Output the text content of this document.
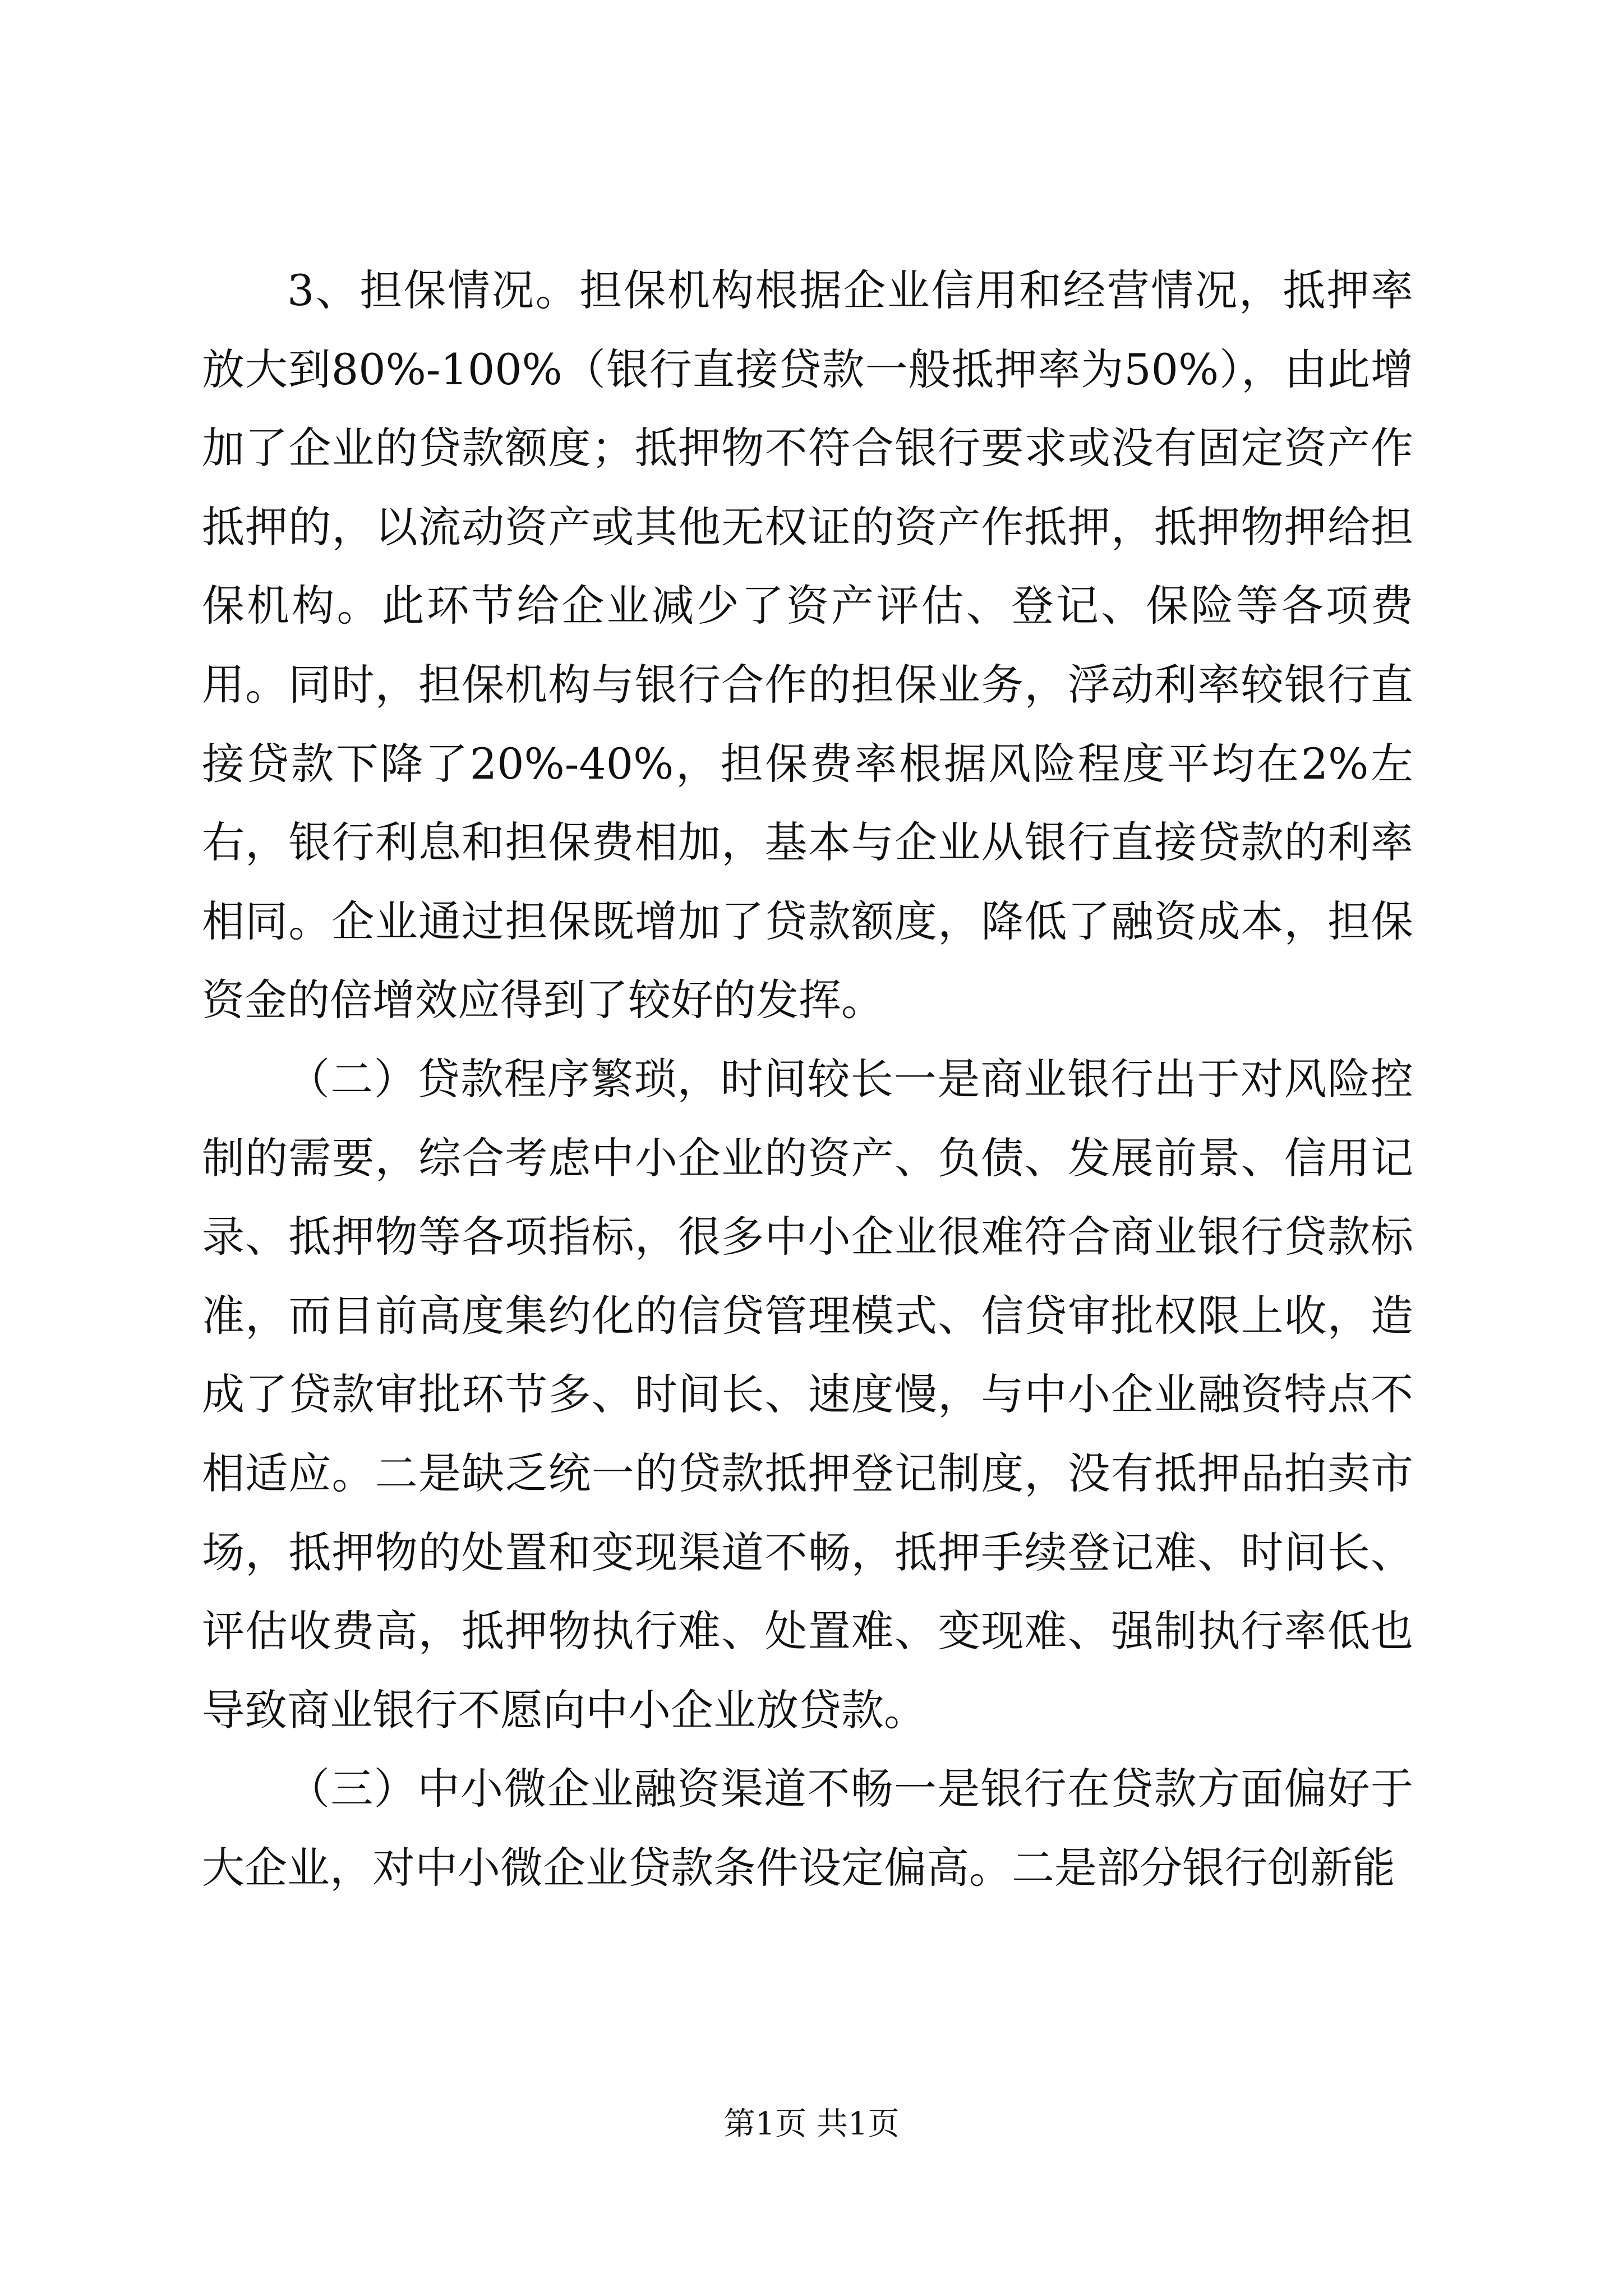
3、担保情况。担保机构根据企业信用和经营情况，抵押率放大到80%-100%（银行直接贷款一般抵押率为50%），由此增加了企业的贷款额度；抵押物不符合银行要求或没有固定资产作抵押的，以流动资产或其他无权证的资产作抵押，抵押物押给担保机构。此环节给企业减少了资产评估、登记、保险等各项费用。同时，担保机构与银行合作的担保业务，浮动利率较银行直接贷款下降了20%-40%，担保费率根据风险程度平均在2%左右，银行利息和担保费相加，基本与企业从银行直接贷款的利率相同。企业通过担保既增加了贷款额度，降低了融资成本，担保资金的倍增效应得到了较好的发挥。

（二）贷款程序繁琐，时间较长一是商业银行出于对风险控制的需要，综合考虑中小企业的资产、负债、发展前景、信用记录、抵押物等各项指标，很多中小企业很难符合商业银行贷款标准，而目前高度集约化的信贷管理模式、信贷审批权限上收，造成了贷款审批环节多、时间长、速度慢，与中小企业融资特点不相适应。二是缺乏统一的贷款抵押登记制度，没有抵押品拍卖市场，抵押物的处置和变现渠道不畅，抵押手续登记难、时间长、评估收费高，抵押物执行难、处置难、变现难、强制执行率低也导致商业银行不愿向中小企业放贷款。

（三）中小微企业融资渠道不畅一是银行在贷款方面偏好于大企业，对中小微企业贷款条件设定偏高。二是部分银行创新能

第1页 共1页
